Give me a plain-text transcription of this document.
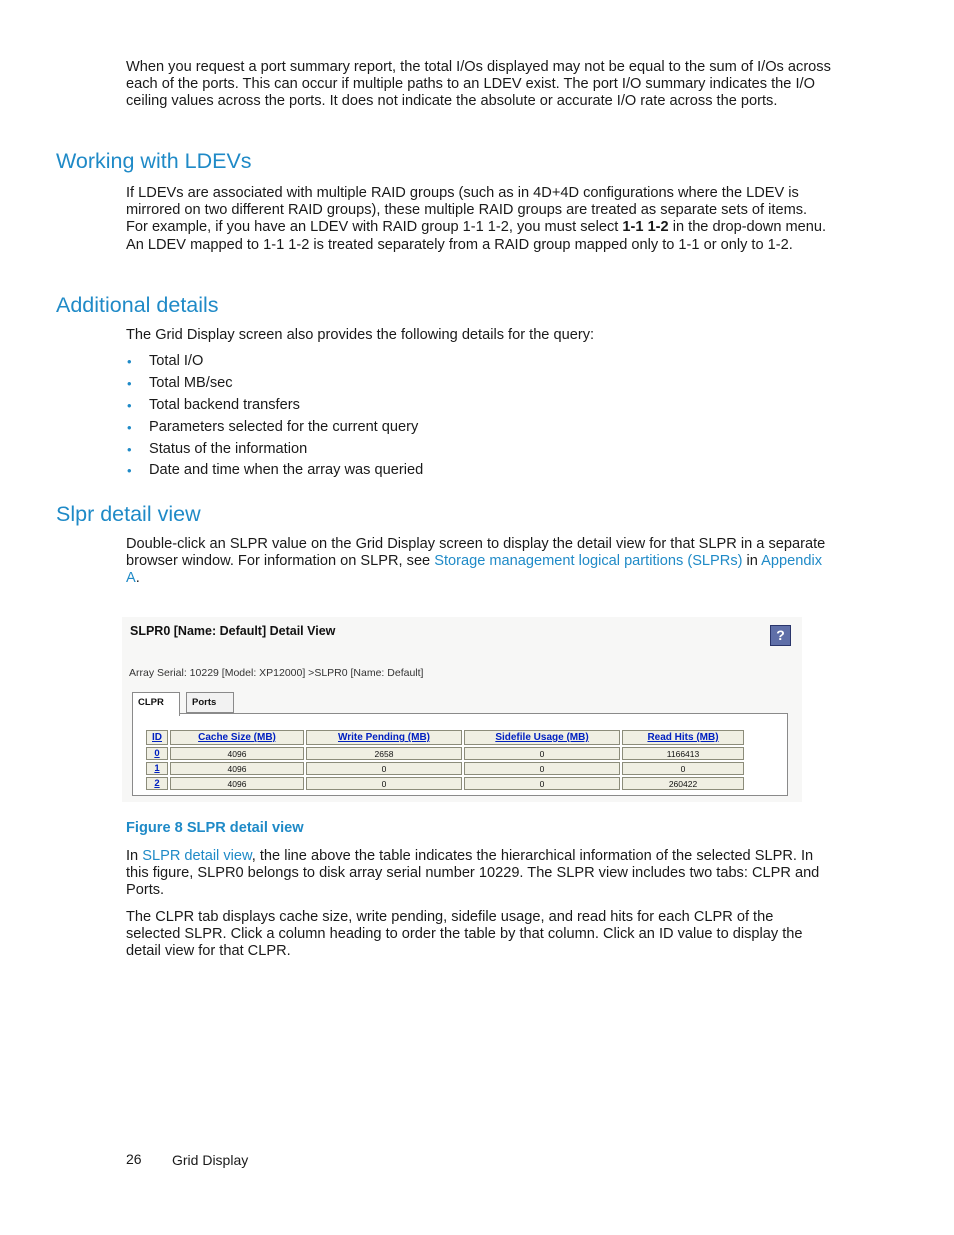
When you request a port summary report, the total I/Os displayed may not be equal to the sum of I/Os across each of the ports. This can occur if multiple paths to an LDEV exist. The port I/O summary indicates the I/O ceiling values across the ports. It does not indicate the absolute or accurate I/O rate across the ports.

Working with LDEVs

If LDEVs are associated with multiple RAID groups (such as in 4D+4D configurations where the LDEV is mirrored on two different RAID groups), these multiple RAID groups are treated as separate sets of items. For example, if you have an LDEV with RAID group 1-1 1-2, you must select 1-1 1-2 in the drop-down menu. An LDEV mapped to 1-1 1-2 is treated separately from a RAID group mapped only to 1-1 or only to 1-2.

Additional details

The Grid Display screen also provides the following details for the query:

• Total I/O
• Total MB/sec
• Total backend transfers
• Parameters selected for the current query
• Status of the information
• Date and time when the array was queried
Slpr detail view

Double-click an SLPR value on the Grid Display screen to display the detail view for that SLPR in a separate browser window. For information on SLPR, see Storage management logical partitions (SLPRs) in Appendix A.

SLPR0 [Name: Default] Detail View	?
Array Serial: 10229 [Model: XP12000] >SLPR0 [Name: Default]
CLPR	Ports
ID	Cache Size (MB)	Write Pending (MB)	Sidefile Usage (MB)	Read Hits (MB)
0	4096	2658	0	1166413
1	4096	0	0	0
2	4096	0	0	260422

Figure 8 SLPR detail view

In SLPR detail view, the line above the table indicates the hierarchical information of the selected SLPR. In this figure, SLPR0 belongs to disk array serial number 10229. The SLPR view includes two tabs: CLPR and Ports.

The CLPR tab displays cache size, write pending, sidefile usage, and read hits for each CLPR of the selected SLPR. Click a column heading to order the table by that column. Click an ID value to display the detail view for that CLPR.

26 Grid Display
